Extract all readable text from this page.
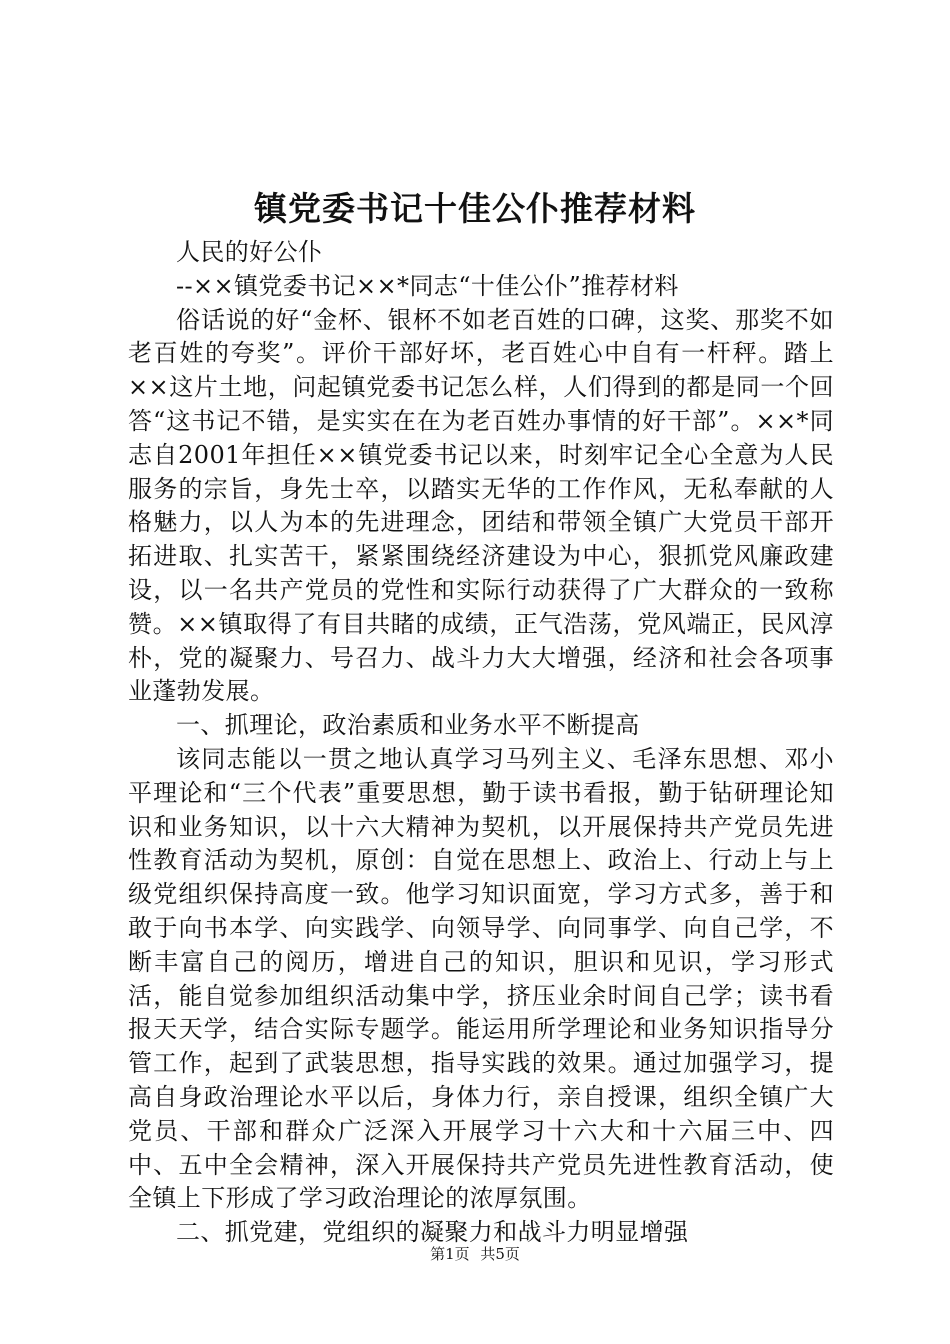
镇党委书记十佳公仆推荐材料

人民的好公仆

--××镇党委书记××*同志“十佳公仆”推荐材料

俗话说的好“金杯、银杯不如老百姓的口碑，这奖、那奖不如老百姓的夸奖”。评价干部好坏，老百姓心中自有一杆秤。踏上××这片土地，问起镇党委书记怎么样，人们得到的都是同一个回答“这书记不错，是实实在在为老百姓办事情的好干部”。××*同志自2001年担任××镇党委书记以来，时刻牢记全心全意为人民服务的宗旨，身先士卒，以踏实无华的工作作风，无私奉献的人格魅力，以人为本的先进理念，团结和带领全镇广大党员干部开拓进取、扎实苦干，紧紧围绕经济建设为中心，狠抓党风廉政建设，以一名共产党员的党性和实际行动获得了广大群众的一致称赞。××镇取得了有目共睹的成绩，正气浩荡，党风端正，民风淳朴，党的凝聚力、号召力、战斗力大大增强，经济和社会各项事业蓬勃发展。

一、抓理论，政治素质和业务水平不断提高

该同志能以一贯之地认真学习马列主义、毛泽东思想、邓小平理论和“三个代表”重要思想，勤于读书看报，勤于钻研理论知识和业务知识，以十六大精神为契机，以开展保持共产党员先进性教育活动为契机，原创：自觉在思想上、政治上、行动上与上级党组织保持高度一致。他学习知识面宽，学习方式多，善于和敢于向书本学、向实践学、向领导学、向同事学、向自己学，不断丰富自己的阅历，增进自己的知识，胆识和见识，学习形式活，能自觉参加组织活动集中学，挤压业余时间自己学；读书看报天天学，结合实际专题学。能运用所学理论和业务知识指导分管工作，起到了武装思想，指导实践的效果。通过加强学习，提高自身政治理论水平以后，身体力行，亲自授课，组织全镇广大党员、干部和群众广泛深入开展学习十六大和十六届三中、四中、五中全会精神，深入开展保持共产党员先进性教育活动，使全镇上下形成了学习政治理论的浓厚氛围。

二、抓党建，党组织的凝聚力和战斗力明显增强

第1页 共5页
